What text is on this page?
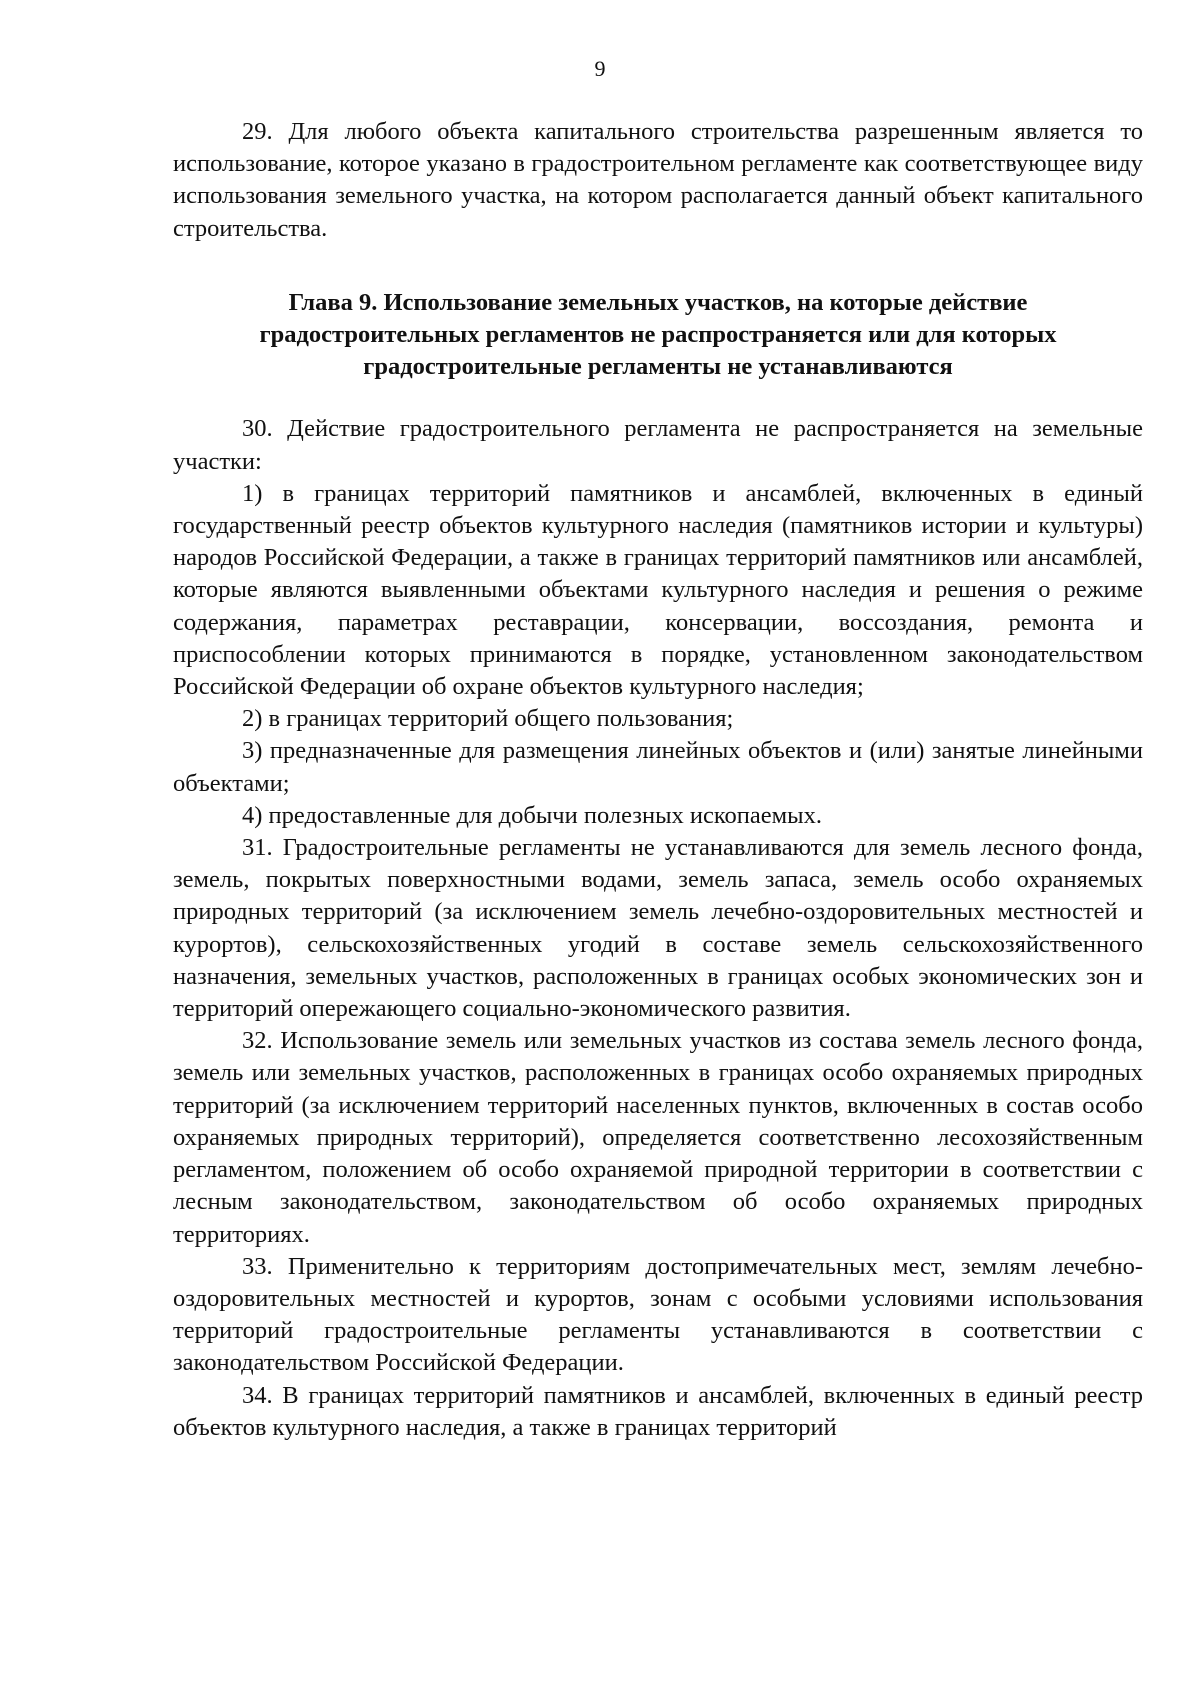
9

29. Для любого объекта капитального строительства разрешенным является то использование, которое указано в градостроительном регламенте как соответствующее виду использования земельного участка, на котором располагается данный объект капитального строительства.

Глава 9. Использование земельных участков, на которые действие
градостроительных регламентов не распространяется или для которых
градостроительные регламенты не устанавливаются

30. Действие градостроительного регламента не распространяется на земельные участки:

1) в границах территорий памятников и ансамблей, включенных в единый государственный реестр объектов культурного наследия (памятников истории и культуры) народов Российской Федерации, а также в границах территорий памятников или ансамблей, которые являются выявленными объектами культурного наследия и решения о режиме содержания, параметрах реставрации, консервации, воссоздания, ремонта и приспособлении которых принимаются в порядке, установленном законодательством Российской Федерации об охране объектов культурного наследия;

2) в границах территорий общего пользования;

3) предназначенные для размещения линейных объектов и (или) занятые линейными объектами;

4) предоставленные для добычи полезных ископаемых.

31. Градостроительные регламенты не устанавливаются для земель лесного фонда, земель, покрытых поверхностными водами, земель запаса, земель особо охраняемых природных территорий (за исключением земель лечебно-оздоровительных местностей и курортов), сельскохозяйственных угодий в составе земель сельскохозяйственного назначения, земельных участков, расположенных в границах особых экономических зон и территорий опережающего социально-экономического развития.

32. Использование земель или земельных участков из состава земель лесного фонда, земель или земельных участков, расположенных в границах особо охраняемых природных территорий (за исключением территорий населенных пунктов, включенных в состав особо охраняемых природных территорий), определяется соответственно лесохозяйственным регламентом, положением об особо охраняемой природной территории в соответствии с лесным законодательством, законодательством об особо охраняемых природных территориях.

33. Применительно к территориям достопримечательных мест, землям лечебно-оздоровительных местностей и курортов, зонам с особыми условиями использования территорий градостроительные регламенты устанавливаются в соответствии с законодательством Российской Федерации.

34. В границах территорий памятников и ансамблей, включенных в единый реестр объектов культурного наследия, а также в границах территорий
